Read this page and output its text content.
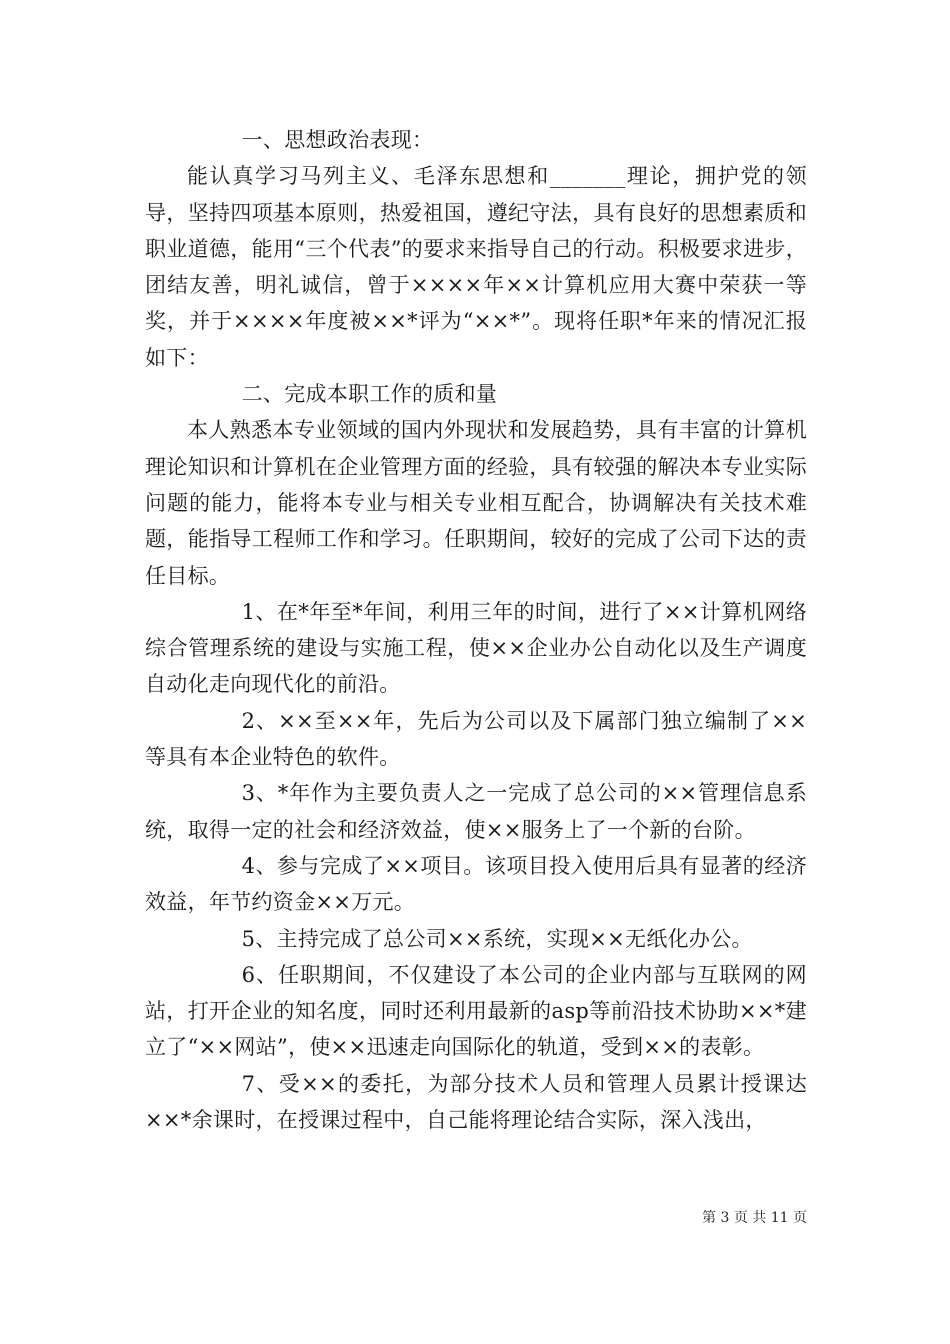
一、思想政治表现：

能认真学习马列主义、毛泽东思想和_______理论，拥护党的领导，坚持四项基本原则，热爱祖国，遵纪守法，具有良好的思想素质和职业道德，能用“三个代表”的要求来指导自己的行动。积极要求进步，团结友善，明礼诚信，曾于××××年××计算机应用大赛中荣获一等奖，并于××××年度被××*评为“××*”。现将任职*年来的情况汇报如下：

二、完成本职工作的质和量

本人熟悉本专业领域的国内外现状和发展趋势，具有丰富的计算机理论知识和计算机在企业管理方面的经验，具有较强的解决本专业实际问题的能力，能将本专业与相关专业相互配合，协调解决有关技术难题，能指导工程师工作和学习。任职期间，较好的完成了公司下达的责任目标。

1、在*年至*年间，利用三年的时间，进行了××计算机网络综合管理系统的建设与实施工程，使××企业办公自动化以及生产调度自动化走向现代化的前沿。

2、××至××年，先后为公司以及下属部门独立编制了××等具有本企业特色的软件。

3、*年作为主要负责人之一完成了总公司的××管理信息系统，取得一定的社会和经济效益，使××服务上了一个新的台阶。

4、参与完成了××项目。该项目投入使用后具有显著的经济效益，年节约资金××万元。

5、主持完成了总公司××系统，实现××无纸化办公。

6、任职期间，不仅建设了本公司的企业内部与互联网的网站，打开企业的知名度，同时还利用最新的asp等前沿技术协助××*建立了“××网站”，使××迅速走向国际化的轨道，受到××的表彰。

7、受××的委托，为部分技术人员和管理人员累计授课达××*余课时，在授课过程中，自己能将理论结合实际，深入浅出，

第 3 页 共 11 页
